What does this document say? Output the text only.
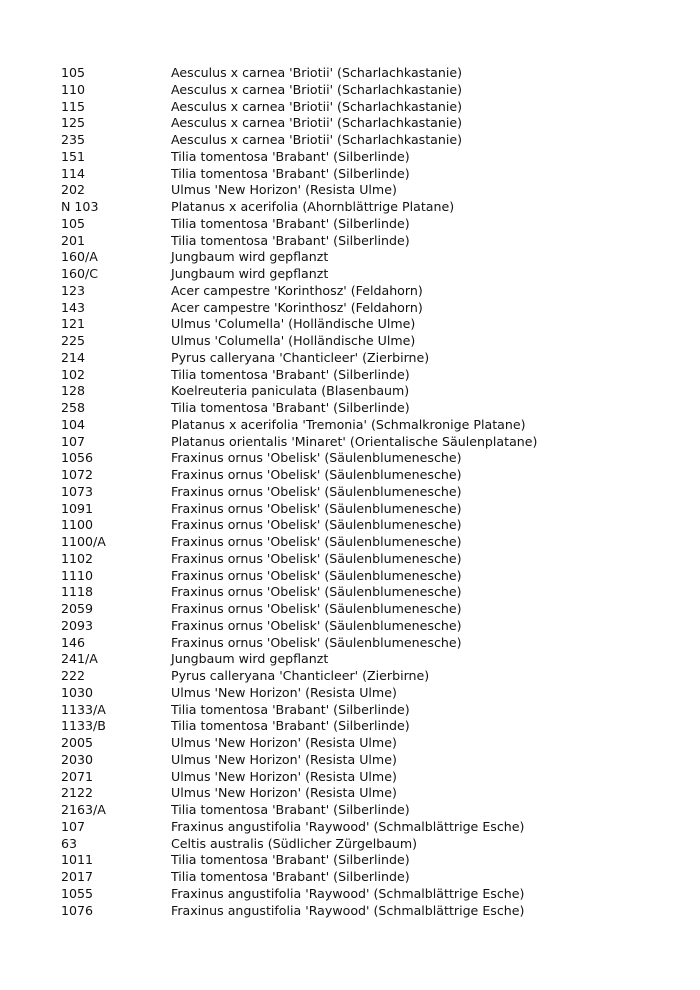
105	Aesculus x carnea 'Briotii' (Scharlachkastanie)
110	Aesculus x carnea 'Briotii' (Scharlachkastanie)
115	Aesculus x carnea 'Briotii' (Scharlachkastanie)
125	Aesculus x carnea 'Briotii' (Scharlachkastanie)
235	Aesculus x carnea 'Briotii' (Scharlachkastanie)
151	Tilia tomentosa 'Brabant' (Silberlinde)
114	Tilia tomentosa 'Brabant' (Silberlinde)
202	Ulmus 'New Horizon' (Resista Ulme)
N 103	Platanus x acerifolia (Ahornblättrige Platane)
105	Tilia tomentosa 'Brabant' (Silberlinde)
201	Tilia tomentosa 'Brabant' (Silberlinde)
160/A	Jungbaum wird gepflanzt
160/C	Jungbaum wird gepflanzt
123	Acer campestre 'Korinthosz' (Feldahorn)
143	Acer campestre 'Korinthosz' (Feldahorn)
121	Ulmus 'Columella' (Holländische Ulme)
225	Ulmus 'Columella' (Holländische Ulme)
214	Pyrus calleryana 'Chanticleer' (Zierbirne)
102	Tilia tomentosa 'Brabant' (Silberlinde)
128	Koelreuteria paniculata (Blasenbaum)
258	Tilia tomentosa 'Brabant' (Silberlinde)
104	Platanus x acerifolia 'Tremonia' (Schmalkronige Platane)
107	Platanus orientalis 'Minaret' (Orientalische Säulenplatane)
1056	Fraxinus ornus 'Obelisk' (Säulenblumenesche)
1072	Fraxinus ornus 'Obelisk' (Säulenblumenesche)
1073	Fraxinus ornus 'Obelisk' (Säulenblumenesche)
1091	Fraxinus ornus 'Obelisk' (Säulenblumenesche)
1100	Fraxinus ornus 'Obelisk' (Säulenblumenesche)
1100/A	Fraxinus ornus 'Obelisk' (Säulenblumenesche)
1102	Fraxinus ornus 'Obelisk' (Säulenblumenesche)
1110	Fraxinus ornus 'Obelisk' (Säulenblumenesche)
1118	Fraxinus ornus 'Obelisk' (Säulenblumenesche)
2059	Fraxinus ornus 'Obelisk' (Säulenblumenesche)
2093	Fraxinus ornus 'Obelisk' (Säulenblumenesche)
146	Fraxinus ornus 'Obelisk' (Säulenblumenesche)
241/A	Jungbaum wird gepflanzt
222	Pyrus calleryana 'Chanticleer' (Zierbirne)
1030	Ulmus 'New Horizon' (Resista Ulme)
1133/A	Tilia tomentosa 'Brabant' (Silberlinde)
1133/B	Tilia tomentosa 'Brabant' (Silberlinde)
2005	Ulmus 'New Horizon' (Resista Ulme)
2030	Ulmus 'New Horizon' (Resista Ulme)
2071	Ulmus 'New Horizon' (Resista Ulme)
2122	Ulmus 'New Horizon' (Resista Ulme)
2163/A	Tilia tomentosa 'Brabant' (Silberlinde)
107	Fraxinus angustifolia 'Raywood' (Schmalblättrige Esche)
63	Celtis australis (Südlicher Zürgelbaum)
1011	Tilia tomentosa 'Brabant' (Silberlinde)
2017	Tilia tomentosa 'Brabant' (Silberlinde)
1055	Fraxinus angustifolia 'Raywood' (Schmalblättrige Esche)
1076	Fraxinus angustifolia 'Raywood' (Schmalblättrige Esche)
